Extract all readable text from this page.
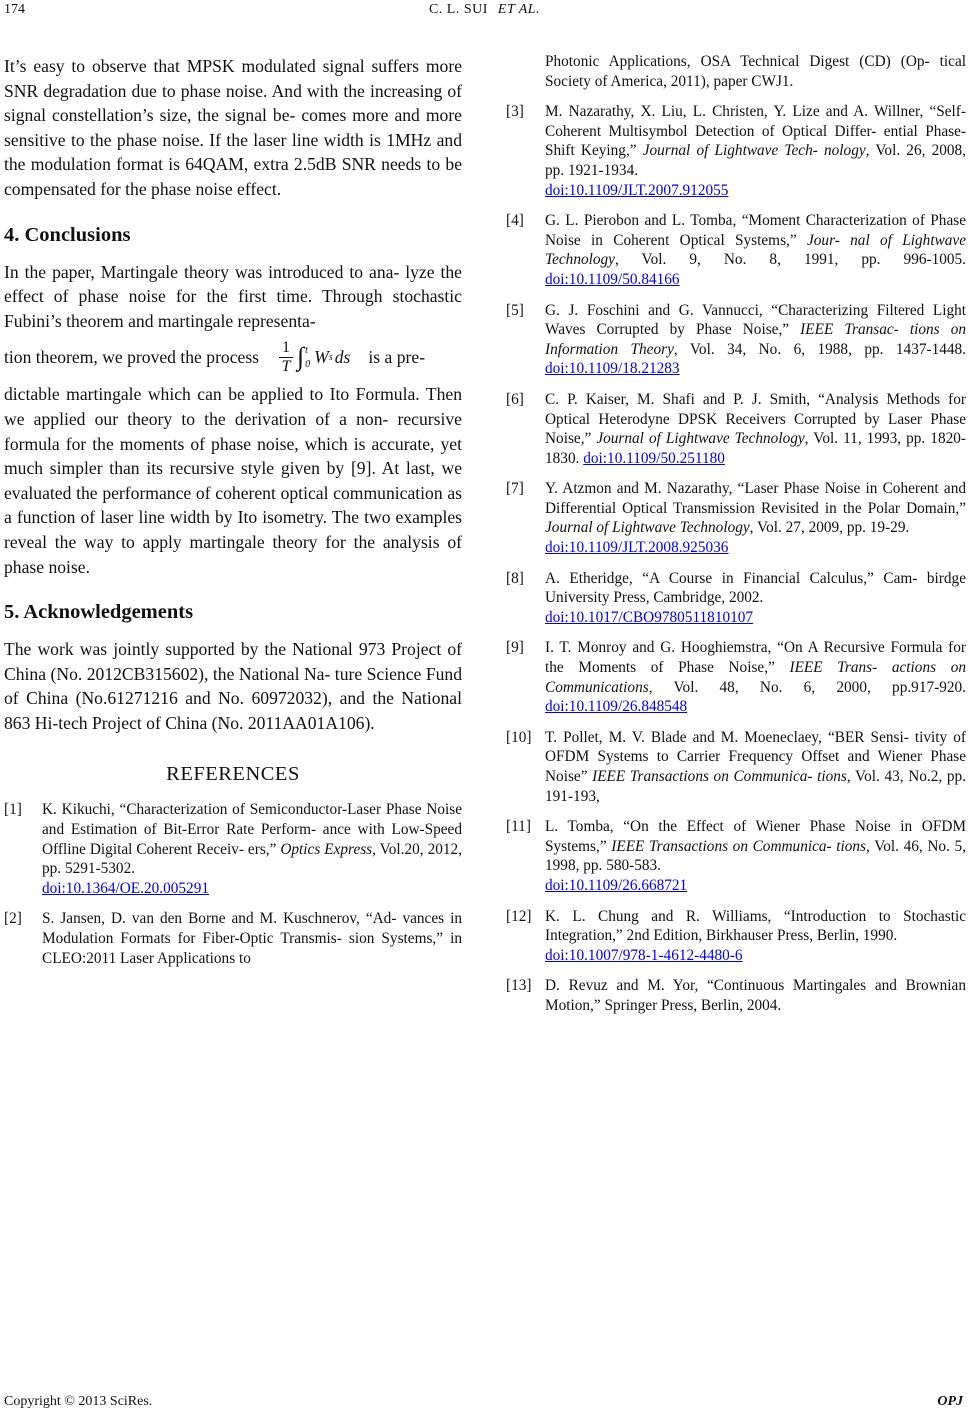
174	C. L. SUI ET AL.

It’s easy to observe that MPSK modulated signal suffers more SNR degradation due to phase noise. And with the increasing of signal constellation’s size, the signal be- comes more and more sensitive to the phase noise. If the laser line width is 1MHz and the modulation format is 64QAM, extra 2.5dB SNR needs to be compensated for the phase noise effect.

4. Conclusions

In the paper, Martingale theory was introduced to ana- lyze the effect of phase noise for the first time. Through stochastic Fubini’s theorem and martingale representa-

tion theorem, we proved the process $\frac{1}{T}$ ∫ t
0 W s ds is a pre-

dictable martingale which can be applied to Ito Formula. Then we applied our theory to the derivation of a non- recursive formula for the moments of phase noise, which is accurate, yet much simpler than its recursive style given by [9]. At last, we evaluated the performance of coherent optical communication as a function of laser line width by Ito isometry. The two examples reveal the way to apply martingale theory for the analysis of phase noise.

5. Acknowledgements

The work was jointly supported by the National 973 Project of China (No. 2012CB315602), the National Na- ture Science Fund of China (No.61271216 and No. 60972032), and the National 863 Hi-tech Project of China (No. 2011AA01A106).

REFERENCES
[1]	K. Kikuchi, “Characterization of Semiconductor-Laser Phase Noise and Estimation of Bit-Error Rate Perform- ance with Low-Speed Offline Digital Coherent Receiv- ers,” Optics Express, Vol.20, 2012, pp. 5291-5302.
doi:10.1364/OE.20.005291
[2]	S. Jansen, D. van den Borne and M. Kuschnerov, “Ad- vances in Modulation Formats for Fiber-Optic Transmis- sion Systems,” in CLEO:2011 Laser Applications to
Photonic Applications, OSA Technical Digest (CD) (Op- tical Society of America, 2011), paper CWJ1.
[3]	M. Nazarathy, X. Liu, L. Christen, Y. Lize and A. Willner, “Self-Coherent Multisymbol Detection of Optical Differ- ential Phase-Shift Keying,” Journal of Lightwave Tech- nology, Vol. 26, 2008, pp. 1921-1934.
doi:10.1109/JLT.2007.912055
[4]	G. L. Pierobon and L. Tomba, “Moment Characterization of Phase Noise in Coherent Optical Systems,” Jour- nal of Lightwave Technology, Vol. 9, No. 8, 1991, pp. 996-1005. doi:10.1109/50.84166
[5]	G. J. Foschini and G. Vannucci, “Characterizing Filtered Light Waves Corrupted by Phase Noise,” IEEE Transac- tions on Information Theory, Vol. 34, No. 6, 1988, pp. 1437-1448. doi:10.1109/18.21283
[6]	C. P. Kaiser, M. Shafi and P. J. Smith, “Analysis Methods for Optical Heterodyne DPSK Receivers Corrupted by Laser Phase Noise,” Journal of Lightwave Technology, Vol. 11, 1993, pp. 1820-1830. doi:10.1109/50.251180
[7]	Y. Atzmon and M. Nazarathy, “Laser Phase Noise in Coherent and Differential Optical Transmission Revisited in the Polar Domain,” Journal of Lightwave Technology, Vol. 27, 2009, pp. 19-29.
doi:10.1109/JLT.2008.925036
[8]	A. Etheridge, “A Course in Financial Calculus,” Cam- birdge University Press, Cambridge, 2002.
doi:10.1017/CBO9780511810107
[9]	I. T. Monroy and G. Hooghiemstra, “On A Recursive Formula for the Moments of Phase Noise,” IEEE Trans- actions on Communications, Vol. 48, No. 6, 2000, pp.917-920. doi:10.1109/26.848548
[10] T. Pollet, M. V. Blade and M. Moeneclaey, “BER Sensi- tivity of OFDM Systems to Carrier Frequency Offset and Wiener Phase Noise” IEEE Transactions on Communica- tions, Vol. 43, No.2, pp. 191-193,
[11] L. Tomba, “On the Effect of Wiener Phase Noise in OFDM Systems,” IEEE Transactions on Communica- tions, Vol. 46, No. 5, 1998, pp. 580-583.
doi:10.1109/26.668721
[12] K. L. Chung and R. Williams, “Introduction to Stochastic Integration,” 2nd Edition, Birkhauser Press, Berlin, 1990.
doi:10.1007/978-1-4612-4480-6
[13] D. Revuz and M. Yor, “Continuous Martingales and Brownian Motion,” Springer Press, Berlin, 2004.
Copyright © 2013 SciRes.	OPJ
